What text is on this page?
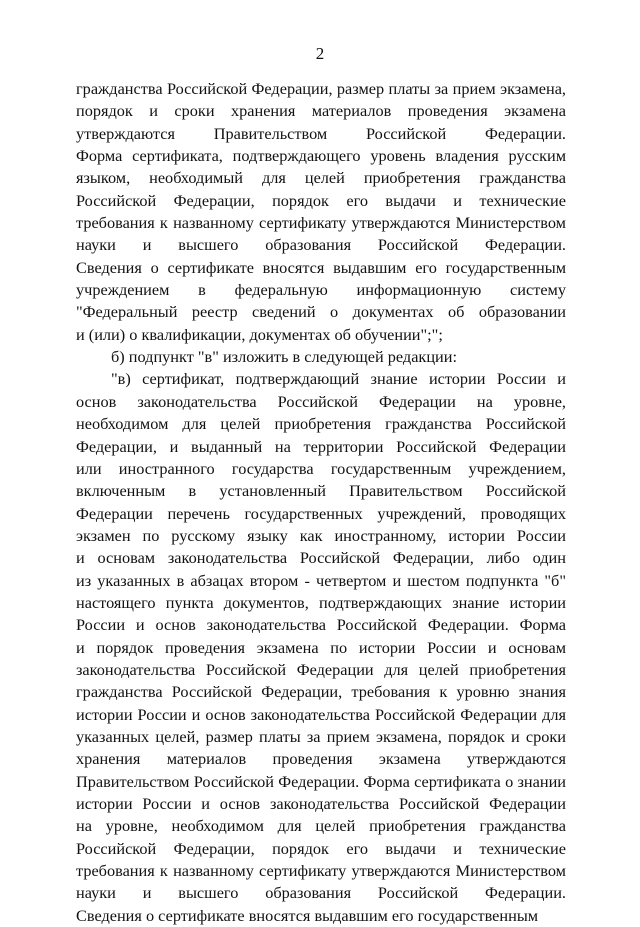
2
гражданства Российской Федерации, размер платы за прием экзамена,
порядок и сроки хранения материалов проведения экзамена
утверждаются Правительством Российской Федерации.
Форма сертификата, подтверждающего уровень владения русским
языком, необходимый для целей приобретения гражданства
Российской Федерации, порядок его выдачи и технические
требования к названному сертификату утверждаются Министерством
науки и высшего образования Российской Федерации.
Сведения о сертификате вносятся выдавшим его государственным
учреждением в федеральную информационную систему
"Федеральный реестр сведений о документах об образовании
и (или) о квалификации, документах об обучении";";
б) подпункт "в" изложить в следующей редакции:
"в) сертификат, подтверждающий знание истории России и
основ законодательства Российской Федерации на уровне,
необходимом для целей приобретения гражданства Российской
Федерации, и выданный на территории Российской Федерации
или иностранного государства государственным учреждением,
включенным в установленный Правительством Российской
Федерации перечень государственных учреждений, проводящих
экзамен по русскому языку как иностранному, истории России
и основам законодательства Российской Федерации, либо один
из указанных в абзацах втором - четвертом и шестом подпункта "б"
настоящего пункта документов, подтверждающих знание истории
России и основ законодательства Российской Федерации. Форма
и порядок проведения экзамена по истории России и основам
законодательства Российской Федерации для целей приобретения
гражданства Российской Федерации, требования к уровню знания
истории России и основ законодательства Российской Федерации для
указанных целей, размер платы за прием экзамена, порядок и сроки
хранения материалов проведения экзамена утверждаются
Правительством Российской Федерации. Форма сертификата о знании
истории России и основ законодательства Российской Федерации
на уровне, необходимом для целей приобретения гражданства
Российской Федерации, порядок его выдачи и технические
требования к названному сертификату утверждаются Министерством
науки и высшего образования Российской Федерации.
Сведения о сертификате вносятся выдавшим его государственным
